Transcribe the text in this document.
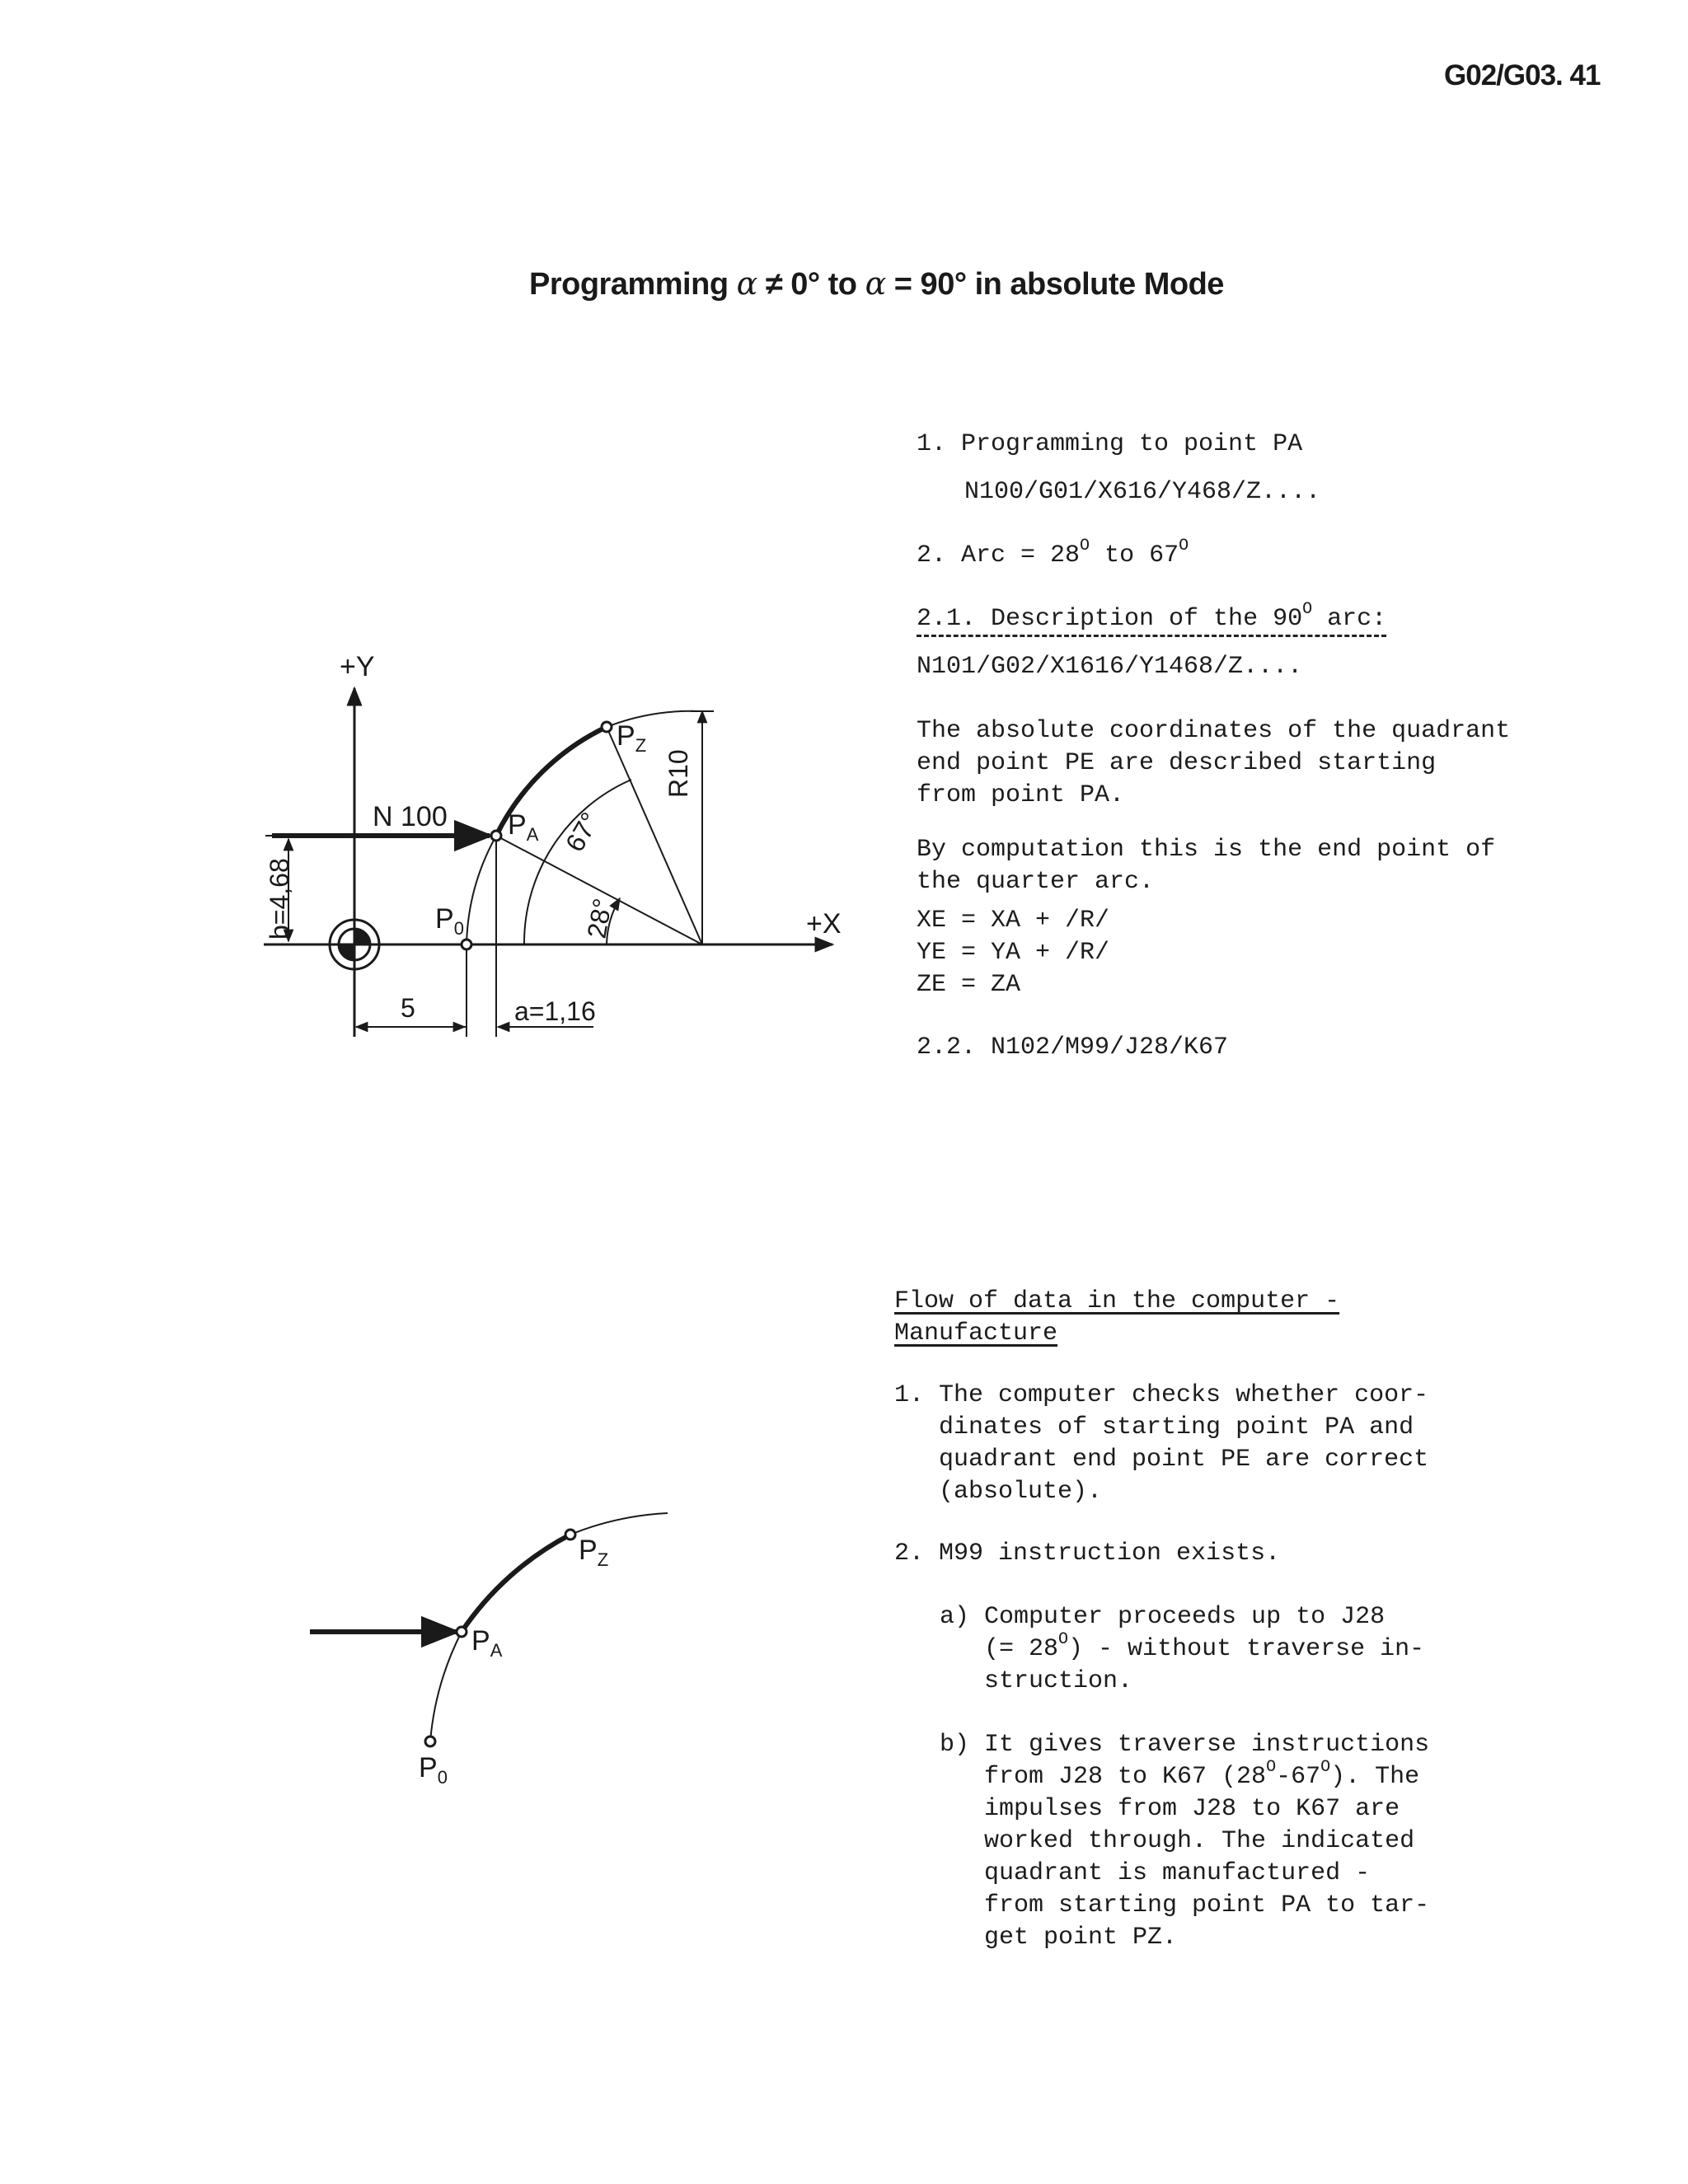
G02/G03. 41
Programming α ≠ 0° to α = 90° in absolute Mode
1. Programming to point PA
N100/G01/X616/Y468/Z....
2. Arc = $28^O$ to $67^O$
2.1. Description of the $90^O$ arc:
N101/G02/X1616/Y1468/Z....
The absolute coordinates of the quadrant
end point PE are described starting
from point PA.
By computation this is the end point of
the quarter arc.
XE = XA + /R/
YE = YA + /R/
ZE = ZA
2.2. N102/M99/J28/K67
Flow of data in the computer -
Manufacture
1. The computer checks whether coor-
dinates of starting point PA and
quadrant end point PE are correct
(absolute).
2. M99 instruction exists.
a) Computer proceeds up to J28
(= $28^O$) - without traverse in-
struction.
b) It gives traverse instructions
from J28 to K67 $(28^O-67^O)$. The
impulses from J28 to K67 are
worked through. The indicated
quadrant is manufactured -
from starting point PA to tar-
get point PZ.
+Y
+X
N 100
b=4,68
5	a=1,16
R10
67°
28°
$P_A$
$P_Z$
$P_0$
$P_A$
$P_Z$
$P_0$
